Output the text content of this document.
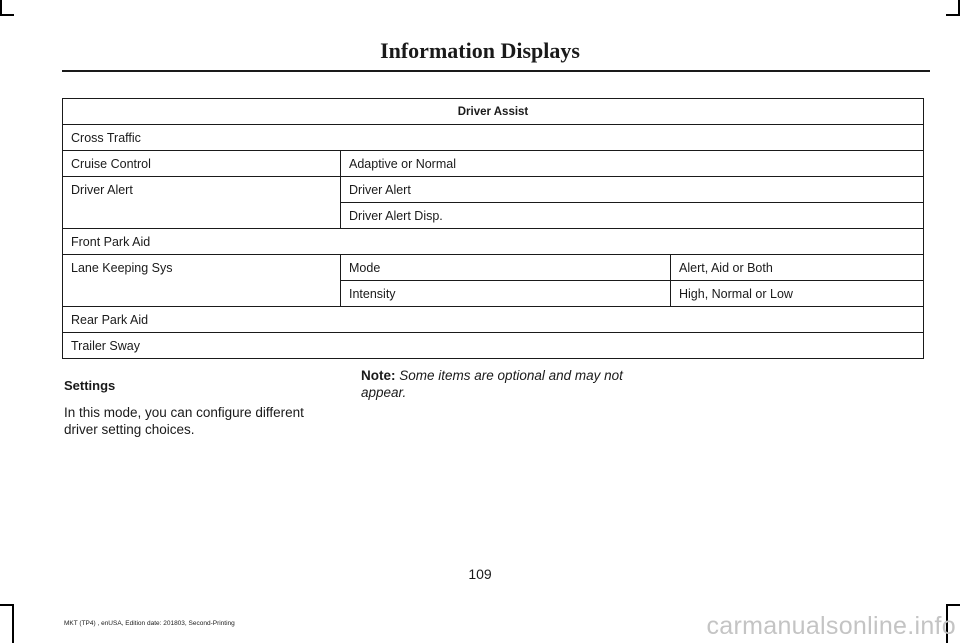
Information Displays
Driver Assist		
Cross Traffic		
Cruise Control	Adaptive or Normal	
Driver Alert	Driver Alert	
	Driver Alert Disp.	
Front Park Aid		
Lane Keeping Sys	Mode	Alert, Aid or Both
	Intensity	High, Normal or Low
Rear Park Aid		
Trailer Sway		
Settings
In this mode, you can configure different driver setting choices.
Note: Some items are optional and may not appear.
109
MKT (TP4) , enUSA, Edition date: 201803, Second-Printing	carmanualsonline.info
